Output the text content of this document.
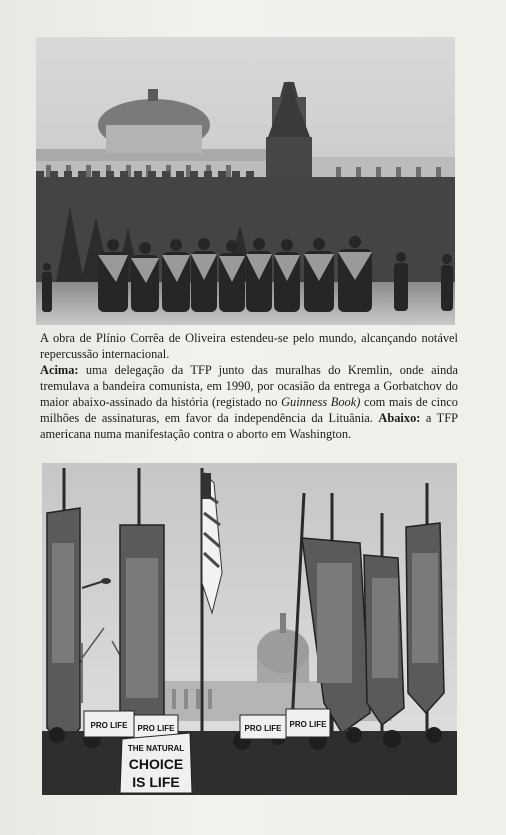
A obra de Plínio Corrêa de Oliveira estendeu-se pelo mundo, alcançando notável repercussão internacional.

Acima: uma delegação da TFP junto das muralhas do Kremlin, onde ainda tremulava a bandeira comunista, em 1990, por ocasião da entrega a Gorbatchov do maior abaixo-assinado da história (registado no Guinness Book) com mais de cinco milhões de assinaturas, em favor da independência da Lituânia. Abaixo: a TFP americana numa manifestação contra o aborto em Washington.

PRO LIFE PRO LIFE	PRO LIFE PRO LIFE
THE NATURAL
CHOICE
IS LIFE
